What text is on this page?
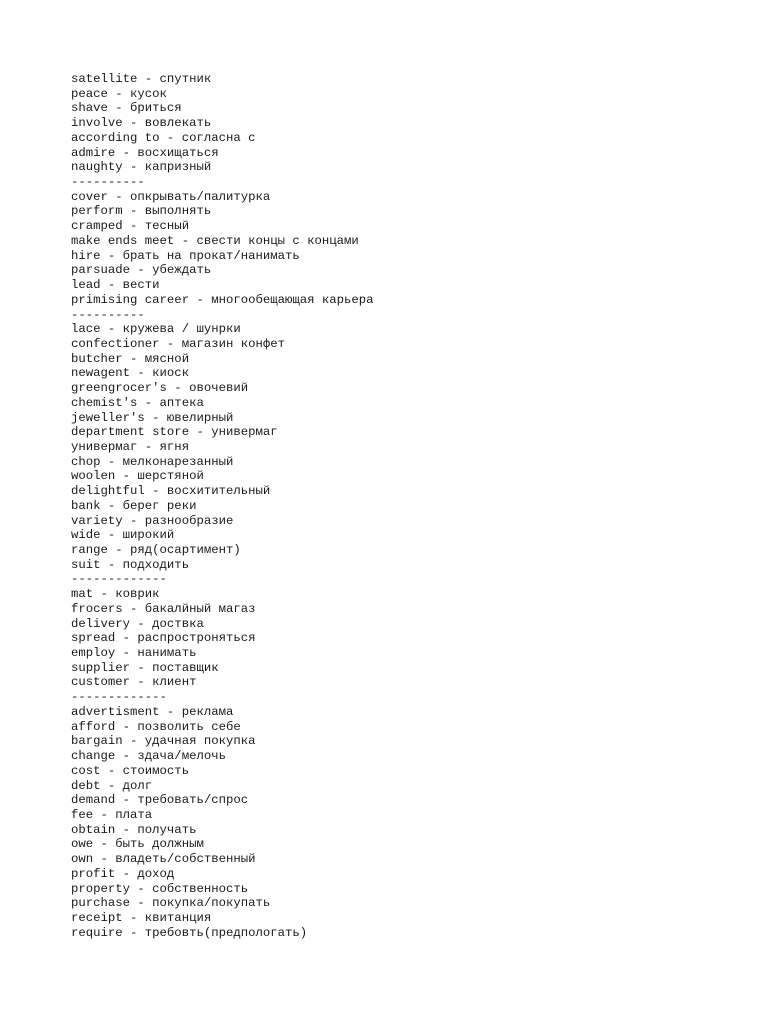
satellite - спутник
peace - кусок
shave - бриться
involve - вовлекать
according to - согласна с
admire - восхищаться
naughty - капризный
----------
cover - опкрывать/палитурка
perform - выполнять
cramped - тесный
make ends meet - свести концы с концами
hire - брать на прокат/нанимать
parsuade - убеждать
lead - вести
primising career - многообещающая карьера
----------
lace - кружева / шунрки
confectioner - магазин конфет
butcher - мясной
newagent - киоск
greengrocer's - овочевий
chemist's - аптека
jeweller's - ювелирный
department store - универмаг
универмаг - ягня
chop - мелконарезанный
woolen - шерстяной
delightful - восхитительный
bank - берег реки
variety - разнообразие
wide - широкий
range - ряд(осартимент)
suit - подходить
-------------
mat - коврик
frocers - бакалйный магаз
delivery - доствка
spread - распростроняться
employ - нанимать
supplier - поставщик
customer - клиент
-------------
advertisment - реклама
afford - позволить себе
bargain - удачная покупка
change - здача/мелочь
cost - стоимость
debt - долг
demand - требовать/спрос
fee - плата
obtain - получать
owe - быть должным
own - владеть/собственный
profit - доход
property - собственность
purchase - покупка/покупать
receipt - квитанция
require - требовть(предпологать)
